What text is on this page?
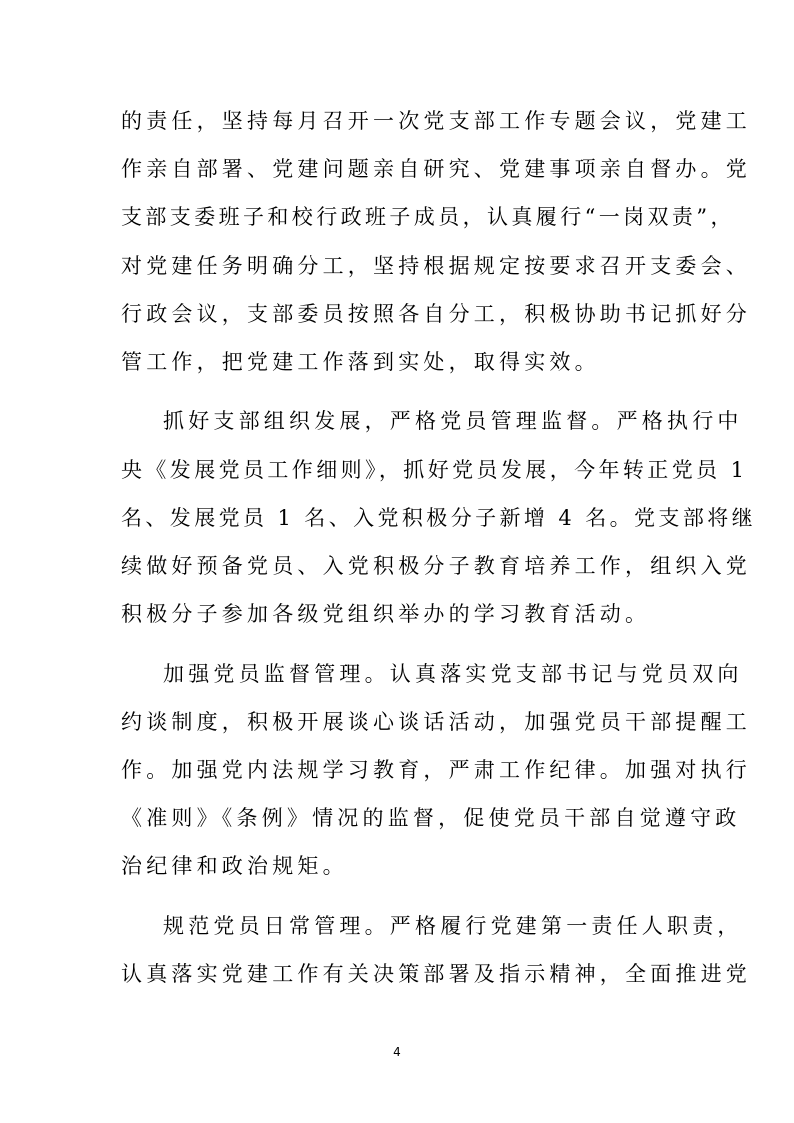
的责任，坚持每月召开一次党支部工作专题会议，党建工
作亲自部署、党建问题亲自研究、党建事项亲自督办。党
支部支委班子和校行政班子成员，认真履行“一岗双责”，
对党建任务明确分工，坚持根据规定按要求召开支委会、
行政会议，支部委员按照各自分工，积极协助书记抓好分
管工作，把党建工作落到实处，取得实效。
抓好支部组织发展，严格党员管理监督。严格执行中
央《发展党员工作细则》，抓好党员发展，今年转正党员 1
名、发展党员 1 名、入党积极分子新增 4 名。党支部将继
续做好预备党员、入党积极分子教育培养工作，组织入党
积极分子参加各级党组织举办的学习教育活动。
加强党员监督管理。认真落实党支部书记与党员双向
约谈制度，积极开展谈心谈话活动，加强党员干部提醒工
作。加强党内法规学习教育，严肃工作纪律。加强对执行
《准则》《条例》情况的监督，促使党员干部自觉遵守政
治纪律和政治规矩。
规范党员日常管理。严格履行党建第一责任人职责，
认真落实党建工作有关决策部署及指示精神，全面推进党
4
